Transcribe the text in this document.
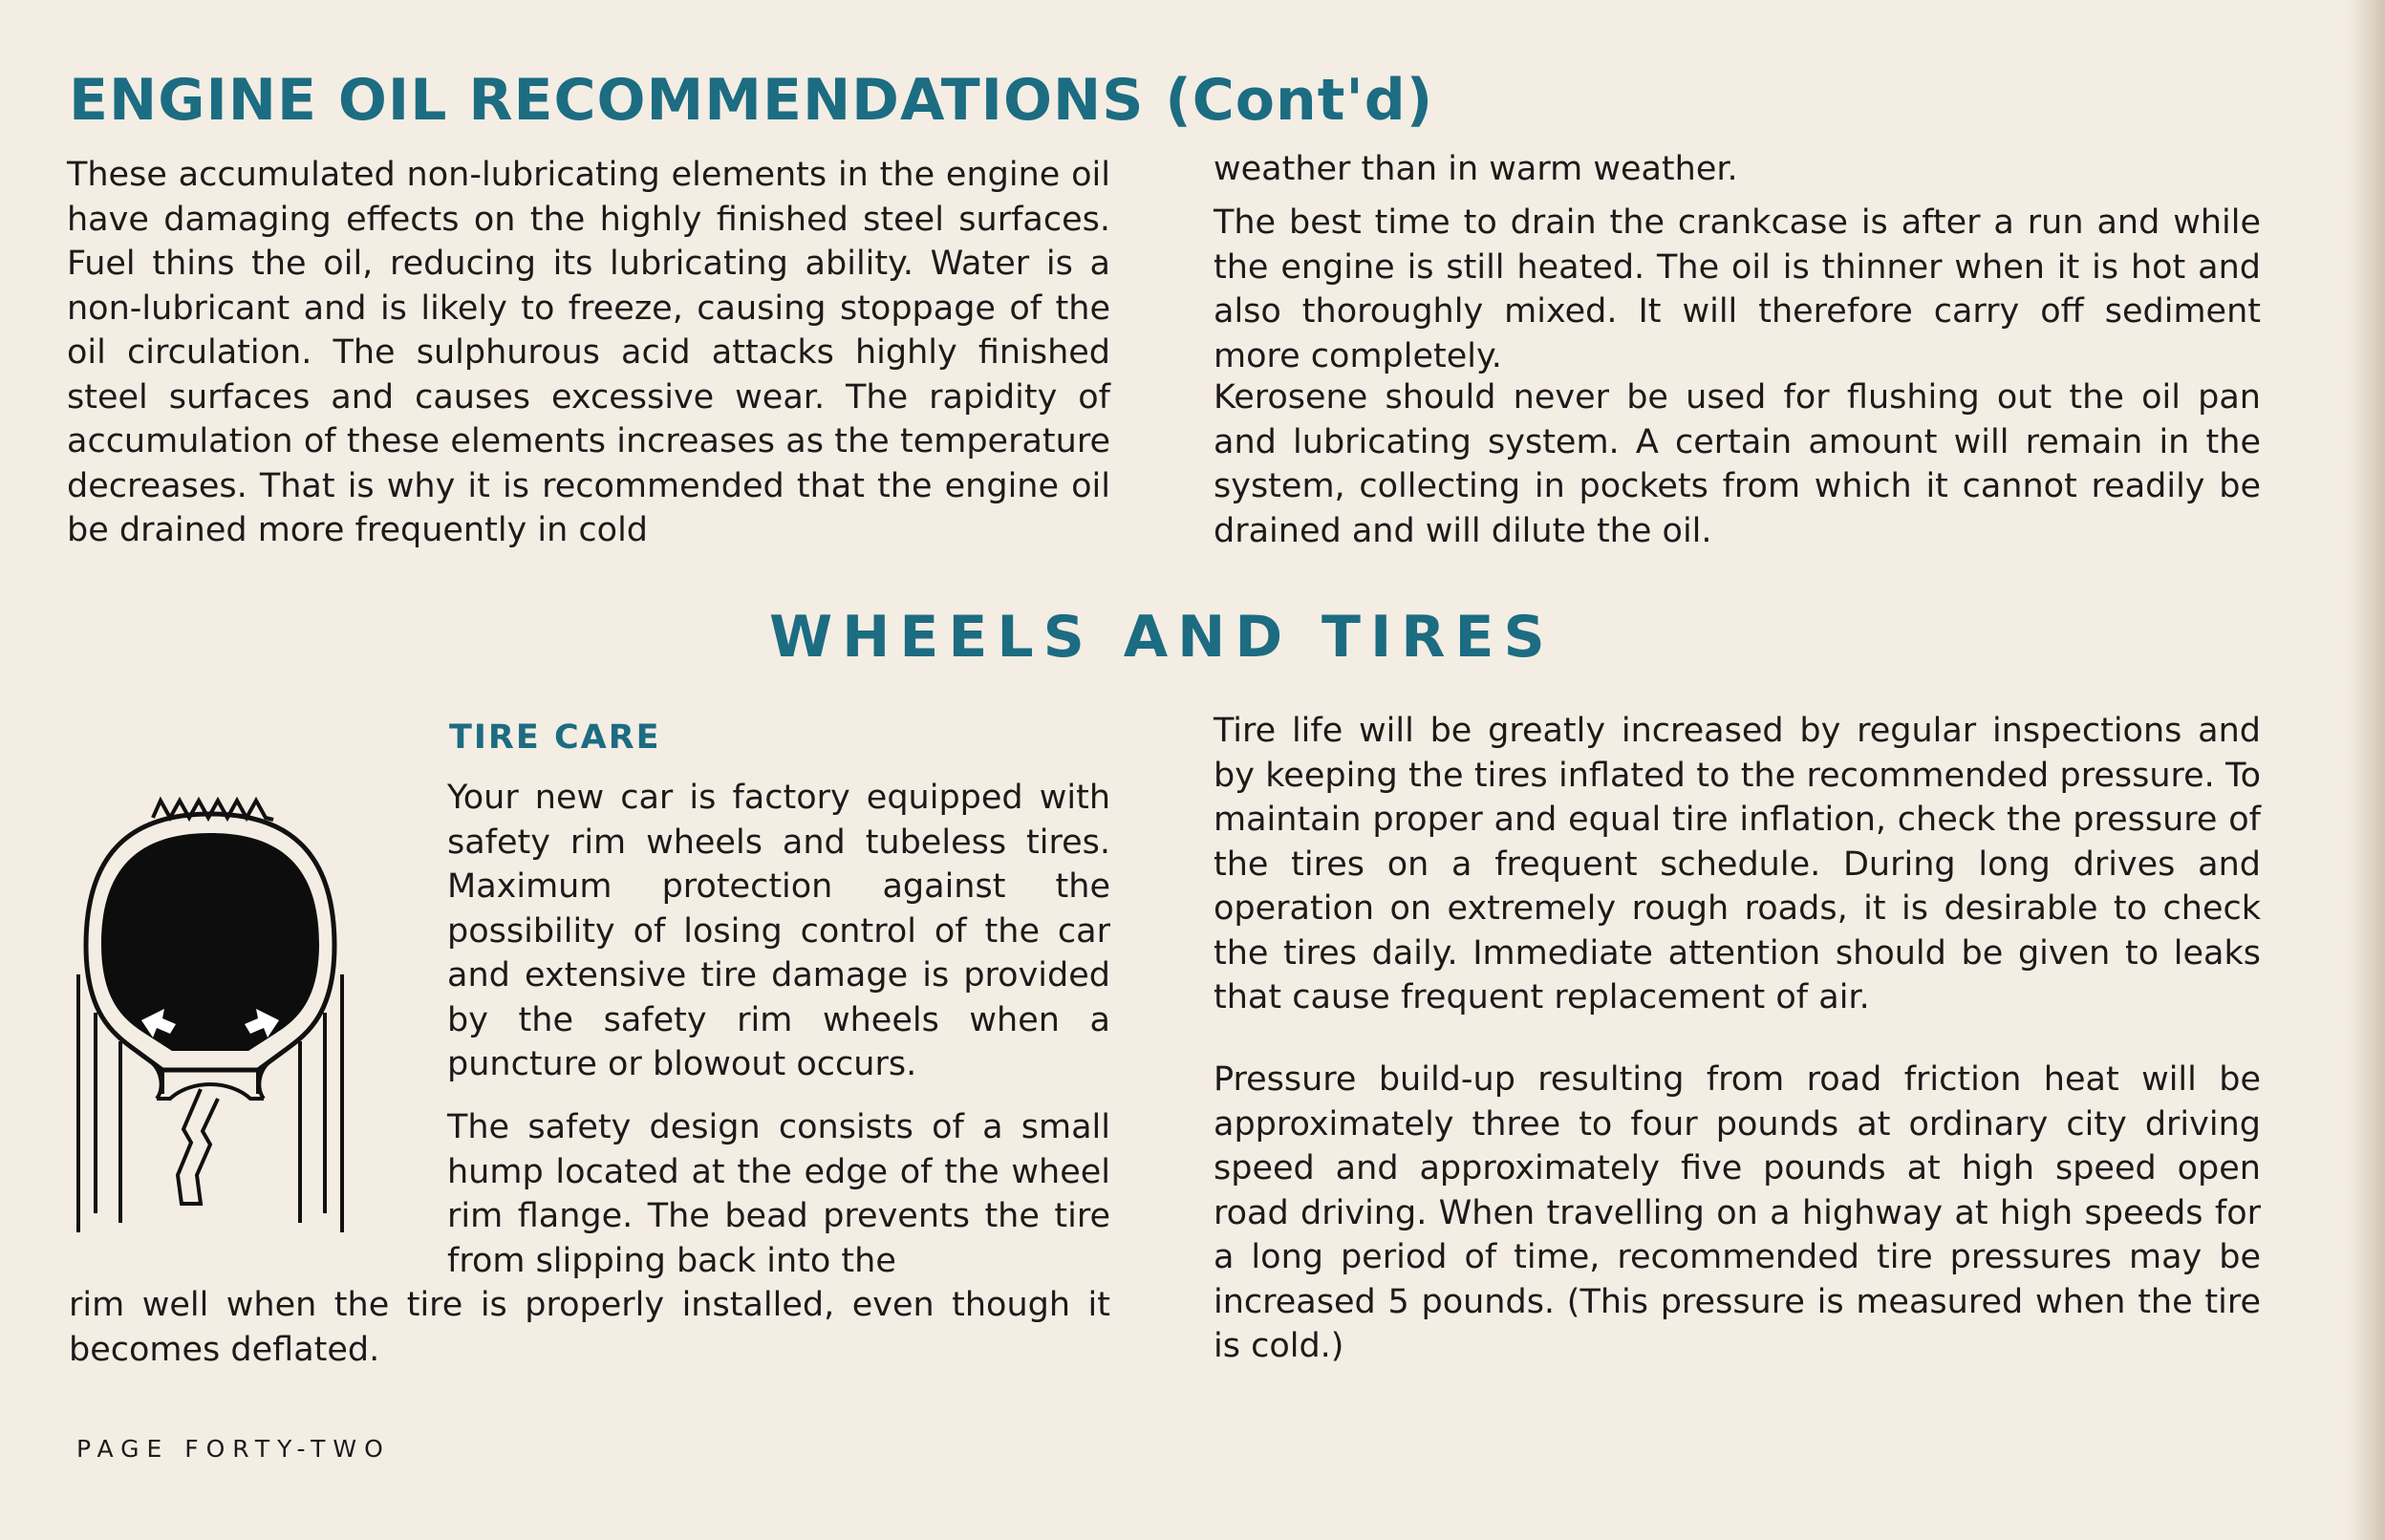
ENGINE OIL RECOMMENDATIONS (Cont'd)

These accumulated non-lubricating elements in the engine oil have damaging effects on the highly finished steel surfaces. Fuel thins the oil, reducing its lubricating ability. Water is a non-lubricant and is likely to freeze, causing stoppage of the oil circulation. The sulphurous acid attacks highly finished steel surfaces and causes excessive wear. The rapidity of accumulation of these elements increases as the temperature decreases. That is why it is recommended that the engine oil be drained more frequently in cold

weather than in warm weather.

The best time to drain the crankcase is after a run and while the engine is still heated. The oil is thinner when it is hot and also thoroughly mixed. It will therefore carry off sediment more completely.

Kerosene should never be used for flushing out the oil pan and lubricating system. A certain amount will remain in the system, collecting in pockets from which it cannot readily be drained and will dilute the oil.

WHEELS AND TIRES
TIRE CARE

Your new car is factory equipped with safety rim wheels and tubeless tires. Maximum protection against the possibility of losing control of the car and extensive tire damage is provided by the safety rim wheels when a puncture or blowout occurs.

The safety design consists of a small hump located at the edge of the wheel rim flange. The bead prevents the tire from slipping back into the

rim well when the tire is properly installed, even though it becomes deflated.

Tire life will be greatly increased by regular inspections and by keeping the tires inflated to the recommended pressure. To maintain proper and equal tire inflation, check the pressure of the tires on a frequent schedule. During long drives and operation on extremely rough roads, it is desirable to check the tires daily. Immediate attention should be given to leaks that cause frequent replacement of air.

Pressure build-up resulting from road friction heat will be approximately three to four pounds at ordinary city driving speed and approximately five pounds at high speed open road driving. When travelling on a highway at high speeds for a long period of time, recommended tire pressures may be increased 5 pounds. (This pressure is measured when the tire is cold.)

PAGE FORTY-TWO
